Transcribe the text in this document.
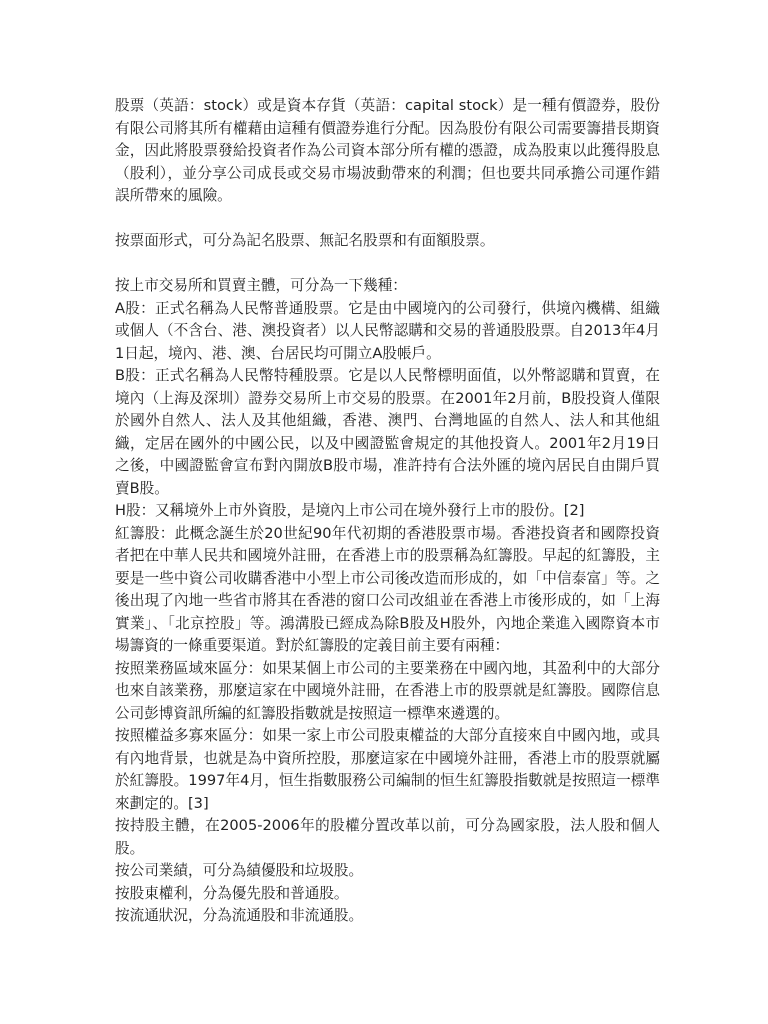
股票（英語：stock）或是資本存貨（英語：capital stock）是一種有價證券，股份有限公司將其所有權藉由這種有價證券進行分配。因為股份有限公司需要籌措長期資金，因此將股票發給投資者作為公司資本部分所有權的憑證，成為股東以此獲得股息（股利），並分享公司成長或交易市場波動帶來的利潤；但也要共同承擔公司運作錯誤所帶來的風險。

按票面形式，可分為記名股票、無記名股票和有面額股票。

按上市交易所和買賣主體，可分為一下幾種：

A股：正式名稱為人民幣普通股票。它是由中國境內的公司發行，供境內機構、組織或個人（不含台、港、澳投資者）以人民幣認購和交易的普通股股票。自2013年4月1日起，境內、港、澳、台居民均可開立A股帳戶。

B股：正式名稱為人民幣特種股票。它是以人民幣標明面值，以外幣認購和買賣，在境內（上海及深圳）證券交易所上市交易的股票。在2001年2月前，B股投資人僅限於國外自然人、法人及其他組織，香港、澳門、台灣地區的自然人、法人和其他組織，定居在國外的中國公民，以及中國證監會規定的其他投資人。2001年2月19日之後，中國證監會宣布對內開放B股市場，准許持有合法外匯的境內居民自由開戶買賣B股。

H股：又稱境外上市外資股，是境內上市公司在境外發行上市的股份。[2]

紅籌股：此概念誕生於20世紀90年代初期的香港股票市場。香港投資者和國際投資者把在中華人民共和國境外註冊，在香港上市的股票稱為紅籌股。早起的紅籌股，主要是一些中資公司收購香港中小型上市公司後改造而形成的，如「中信泰富」等。之後出現了內地一些省市將其在香港的窗口公司改組並在香港上市後形成的，如「上海實業」、「北京控股」等。鴻溝股已經成為除B股及H股外，內地企業進入國際資本市場籌資的一條重要渠道。對於紅籌股的定義目前主要有兩種：

按照業務區域來區分：如果某個上市公司的主要業務在中國內地，其盈利中的大部分也來自該業務，那麼這家在中國境外註冊，在香港上市的股票就是紅籌股。國際信息公司彭博資訊所編的紅籌股指數就是按照這一標準來遴選的。

按照權益多寡來區分：如果一家上市公司股東權益的大部分直接來自中國內地，或具有內地背景，也就是為中資所控股，那麼這家在中國境外註冊，香港上市的股票就屬於紅籌股。1997年4月，恒生指數服務公司編制的恒生紅籌股指數就是按照這一標準來劃定的。[3]

按持股主體，在2005-2006年的股權分置改革以前，可分為國家股，法人股和個人股。

按公司業績，可分為績優股和垃圾股。

按股東權利，分為優先股和普通股。

按流通狀況，分為流通股和非流通股。
